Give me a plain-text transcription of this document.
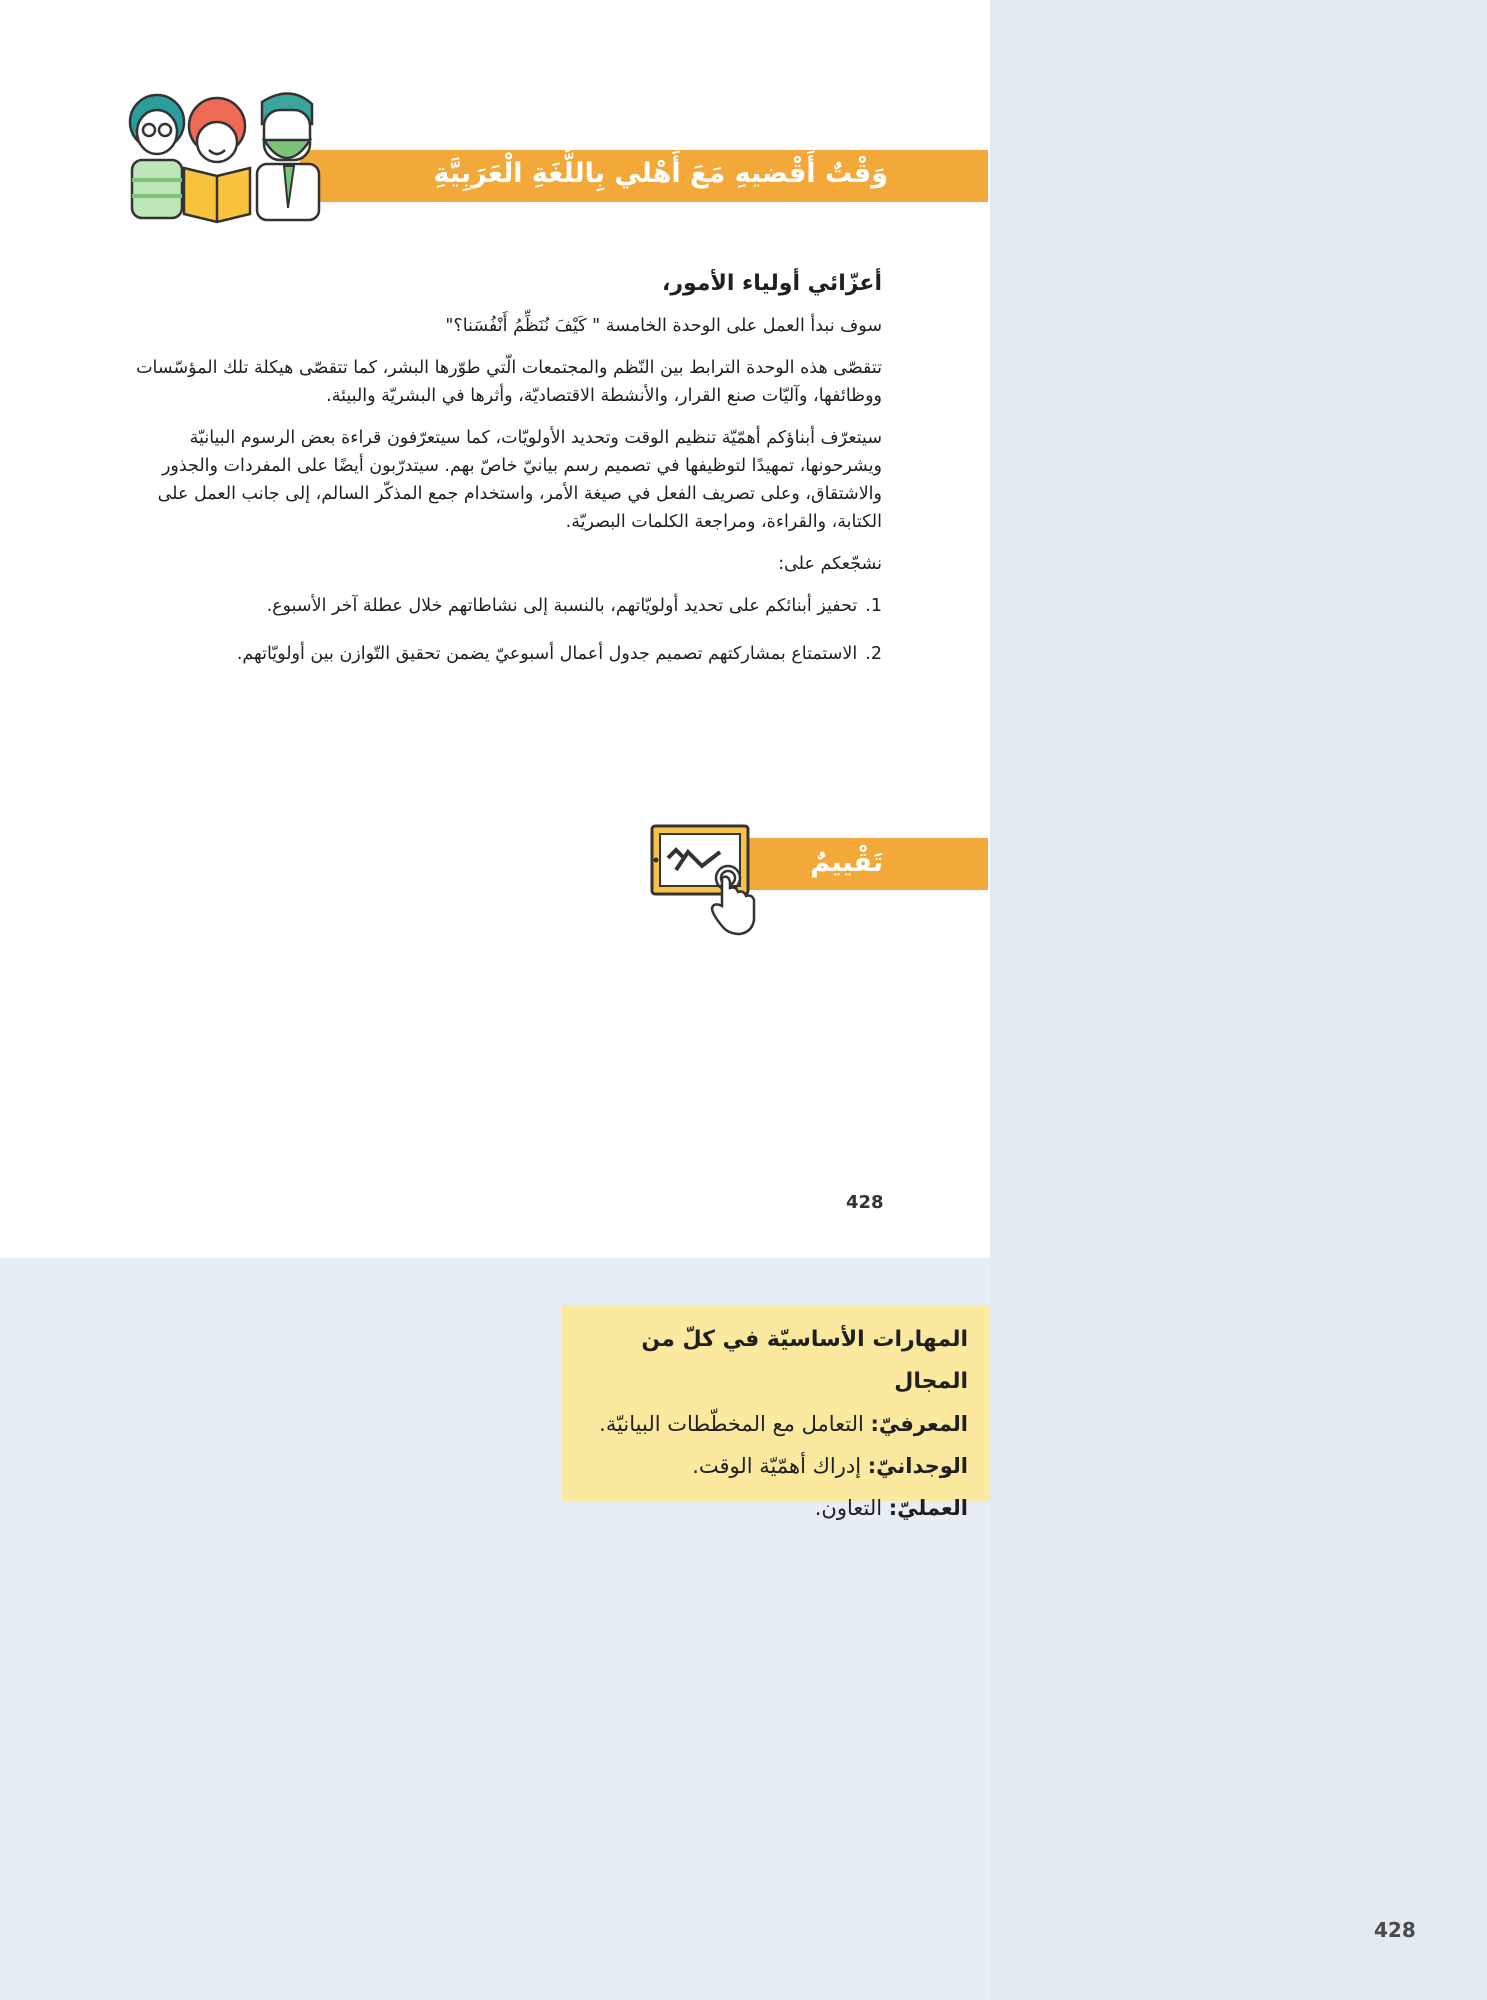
وَقْتٌ أَقْضيهِ مَعَ أَهْلي بِاللُّغَةِ الْعَرَبِيَّةِ
أعزّائي أولياء الأمور،

سوف نبدأ العمل على الوحدة الخامسة " كَيْفَ نُنَظِّمُ أَنْفُسَنا؟"

تتقصّى هذه الوحدة الترابط بين النّظم والمجتمعات الّتي طوّرها البشر، كما تتقصّى هيكلة تلك المؤسّسات ووظائفها، وآليّات صنع القرار، والأنشطة الاقتصاديّة، وأثرها في البشريّة والبيئة.

سيتعرّف أبناؤكم أهمّيّة تنظيم الوقت وتحديد الأولويّات، كما سيتعرّفون قراءة بعض الرسوم البيانيّة ويشرحونها، تمهيدًا لتوظيفها في تصميم رسم بيانيّ خاصّ بهم. سيتدرّبون أيضًا على المفردات والجذور والاشتقاق، وعلى تصريف الفعل في صيغة الأمر، واستخدام جمع المذكّر السالم، إلى جانب العمل على الكتابة، والقراءة، ومراجعة الكلمات البصريّة.

نشجّعكم على:

1.تحفيز أبنائكم على تحديد أولويّاتهم، بالنسبة إلى نشاطاتهم خلال عطلة آخر الأسبوع.
2.الاستمتاع بمشاركتهم تصميم جدول أعمال أسبوعيّ يضمن تحقيق التّوازن بين أولويّاتهم.
تَقْييمٌ
428
المهارات الأساسيّة في كلّ من المجال
المعرفيّ: التعامل مع المخطّطات البيانيّة.
الوجدانيّ: إدراك أهمّيّة الوقت.
العمليّ: التعاون.
428
